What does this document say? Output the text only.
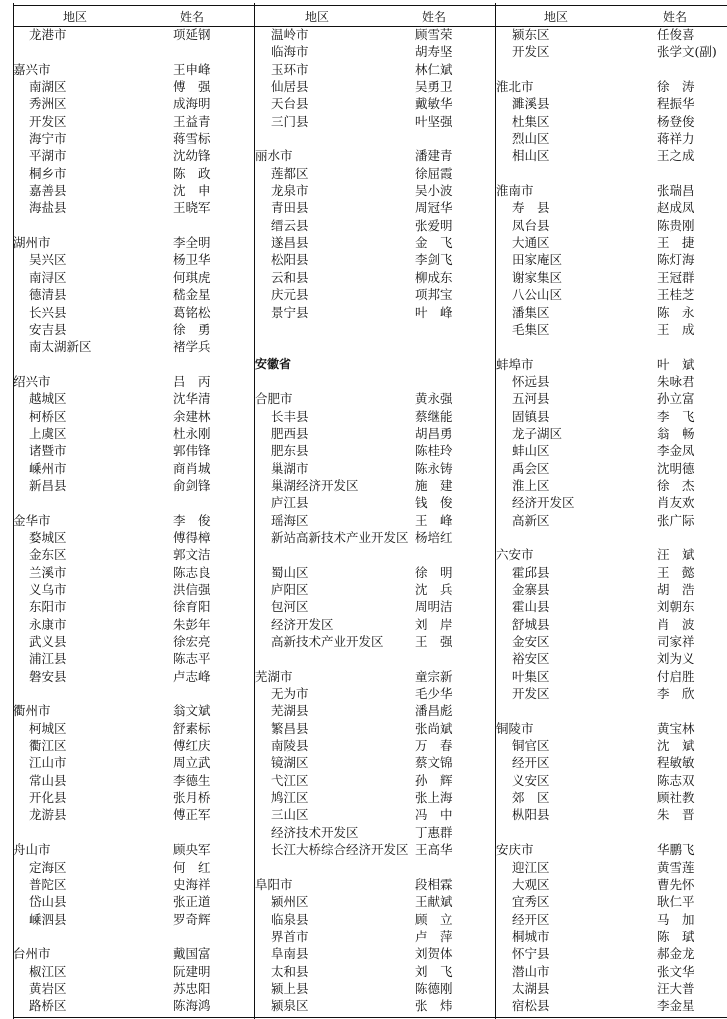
地区	姓名
龙港市	项延钢
嘉兴市	王申峰
南湖区	傅　强
秀洲区	成海明
开发区	王益青
海宁市	蒋雪标
平湖市	沈幼锋
桐乡市	陈　政
嘉善县	沈　申
海盐县	王晓军
湖州市	李全明
吴兴区	杨卫华
南浔区	何琪虎
德清县	嵇金星
长兴县	葛铭松
安吉县	徐　勇
南太湖新区	褚学兵
绍兴市	吕　丙
越城区	沈华清
柯桥区	余建林
上虞区	杜永刚
诸暨市	郭伟锋
嵊州市	商肖城
新昌县	俞剑锋
金华市	李　俊
婺城区	傅得樟
金东区	郭文洁
兰溪市	陈志良
义乌市	洪信强
东阳市	徐育阳
永康市	朱彭年
武义县	徐宏亮
浦江县	陈志平
磐安县	卢志峰
衢州市	翁文斌
柯城区	舒素标
衢江区	傅红庆
江山市	周立武
常山县	李德生
开化县	张月桥
龙游县	傅正军
舟山市	顾央军
定海区	何　红
普陀区	史海祥
岱山县	张正道
嵊泗县	罗奇辉
台州市	戴国富
椒江区	阮建明
黄岩区	苏忠阳
路桥区	陈海鸿
地区	姓名
温岭市	顾雪荣
临海市	胡寿坚
玉环市	林仁斌
仙居县	吴勇卫
天台县	戴敏华
三门县	叶坚强
丽水市	潘建青
莲都区	徐屈霞
龙泉市	吴小波
青田县	周冠华
缙云县	张爱明
遂昌县	金　飞
松阳县	李剑飞
云和县	柳成东
庆元县	项邦宝
景宁县	叶　峰
安徽省
合肥市	黄永强
长丰县	蔡继能
肥西县	胡昌勇
肥东县	陈桂玲
巢湖市	陈永铸
巢湖经济开发区	施　建
庐江县	钱　俊
瑶海区	王　峰
新站高新技术产业开发区 杨培红
蜀山区	徐　明
庐阳区	沈　兵
包河区	周明洁
经济开发区	刘　岸
高新技术产业开发区	王　强
芜湖市	童宗新
无为市	毛少华
芜湖县	潘昌彪
繁昌县	张尚斌
南陵县	万　春
镜湖区	蔡文锦
弋江区	孙　辉
鸠江区	张上海
三山区	冯　中
经济技术开发区	丁惠群
长江大桥综合经济开发区 王高华
阜阳市	段相霖
颍州区	王献斌
临泉县	顾　立
界首市	卢　萍
阜南县	刘贺体
太和县	刘　飞
颍上县	陈德刚
颍泉区	张　炜
地区	姓名
颍东区	任俊喜
开发区	张学文(副)
淮北市	徐　涛
濉溪县	程振华
杜集区	杨登俊
烈山区	蒋祥力
相山区	王之成
淮南市	张瑞昌
寿　县	赵成凤
凤台县	陈贵刚
大通区	王　捷
田家庵区	陈灯海
谢家集区	王冠群
八公山区	王桂芝
潘集区	陈　永
毛集区	王　成
蚌埠市	叶　斌
怀远县	朱咏君
五河县	孙立富
固镇县	李　飞
龙子湖区	翁　畅
蚌山区	李金凤
禹会区	沈明德
淮上区	徐　杰
经济开发区	肖友欢
高新区	张广际
六安市	汪　斌
霍邱县	王　懿
金寨县	胡　浩
霍山县	刘朝东
舒城县	肖　波
金安区	司家祥
裕安区	刘为义
叶集区	付启胜
开发区	李　欣
铜陵市	黄宝林
铜官区	沈　斌
经开区	程敏敏
义安区	陈志双
郊　区	顾社教
枞阳县	朱　晋
安庆市	华鹏飞
迎江区	黄雪莲
大观区	曹先怀
宜秀区	耿仁平
经开区	马　加
桐城市	陈　珷
怀宁县	郝金龙
潜山市	张文华
太湖县	汪大普
宿松县	李金星
